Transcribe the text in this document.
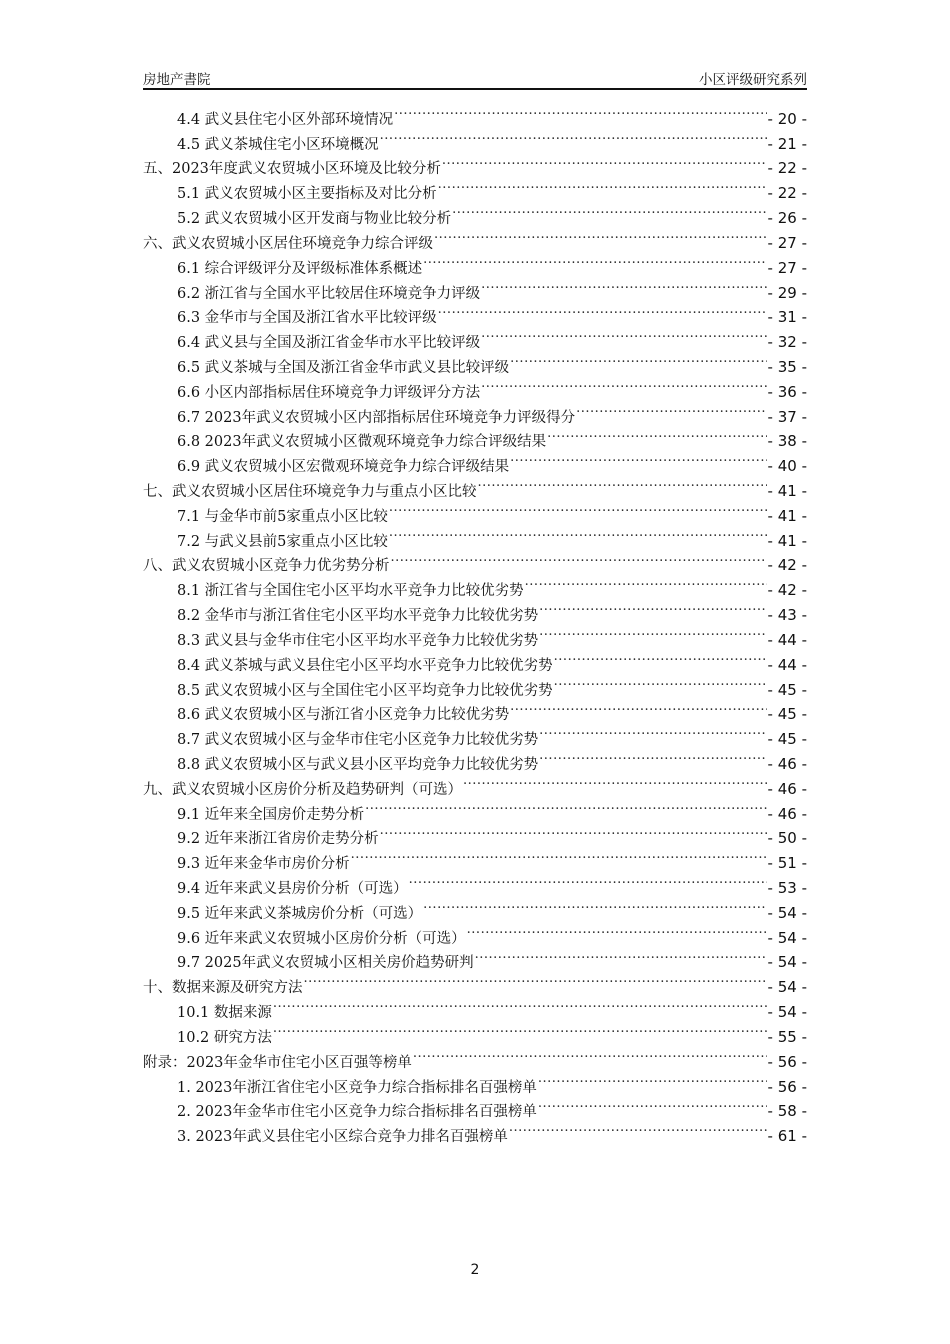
房地产書院	小区评级研究系列
4.4 武义县住宅小区外部环境情况 .....	- 20 -
4.5 武义茶城住宅小区环境概况 .....	- 21 -
五、2023年度武义农贸城小区环境及比较分析 .....	- 22 -
5.1 武义农贸城小区主要指标及对比分析 .....	- 22 -
5.2 武义农贸城小区开发商与物业比较分析 .....	- 26 -
六、武义农贸城小区居住环境竞争力综合评级 .....	- 27 -
6.1 综合评级评分及评级标准体系概述 .....	- 27 -
6.2 浙江省与全国水平比较居住环境竞争力评级 .....	- 29 -
6.3 金华市与全国及浙江省水平比较评级 .....	- 31 -
6.4 武义县与全国及浙江省金华市水平比较评级 .....	- 32 -
6.5 武义茶城与全国及浙江省金华市武义县比较评级 .....	- 35 -
6.6 小区内部指标居住环境竞争力评级评分方法 .....	- 36 -
6.7 2023年武义农贸城小区内部指标居住环境竞争力评级得分 .....	- 37 -
6.8 2023年武义农贸城小区微观环境竞争力综合评级结果 .....	- 38 -
6.9 武义农贸城小区宏微观环境竞争力综合评级结果 .....	- 40 -
七、武义农贸城小区居住环境竞争力与重点小区比较 .....	- 41 -
7.1 与金华市前5家重点小区比较 .....	- 41 -
7.2 与武义县前5家重点小区比较 .....	- 41 -
八、武义农贸城小区竞争力优劣势分析 .....	- 42 -
8.1 浙江省与全国住宅小区平均水平竞争力比较优劣势 .....	- 42 -
8.2 金华市与浙江省住宅小区平均水平竞争力比较优劣势 .....	- 43 -
8.3 武义县与金华市住宅小区平均水平竞争力比较优劣势 .....	- 44 -
8.4 武义茶城与武义县住宅小区平均水平竞争力比较优劣势 .....	- 44 -
8.5 武义农贸城小区与全国住宅小区平均竞争力比较优劣势 .....	- 45 -
8.6 武义农贸城小区与浙江省小区竞争力比较优劣势 .....	- 45 -
8.7 武义农贸城小区与金华市住宅小区竞争力比较优劣势 .....	- 45 -
8.8 武义农贸城小区与武义县小区平均竞争力比较优劣势 .....	- 46 -
九、武义农贸城小区房价分析及趋势研判（可选） .....	- 46 -
9.1 近年来全国房价走势分析 .....	- 46 -
9.2 近年来浙江省房价走势分析 .....	- 50 -
9.3 近年来金华市房价分析 .....	- 51 -
9.4 近年来武义县房价分析（可选） .....	- 53 -
9.5 近年来武义茶城房价分析（可选） .....	- 54 -
9.6 近年来武义农贸城小区房价分析（可选） .....	- 54 -
9.7 2025年武义农贸城小区相关房价趋势研判 .....	- 54 -
十、数据来源及研究方法 .....	- 54 -
10.1 数据来源 .....	- 54 -
10.2 研究方法 .....	- 55 -
附录：2023年金华市住宅小区百强等榜单 .....	- 56 -
1. 2023年浙江省住宅小区竞争力综合指标排名百强榜单 .....	- 56 -
2. 2023年金华市住宅小区竞争力综合指标排名百强榜单 .....	- 58 -
3. 2023年武义县住宅小区综合竞争力排名百强榜单 .....	- 61 -
2
